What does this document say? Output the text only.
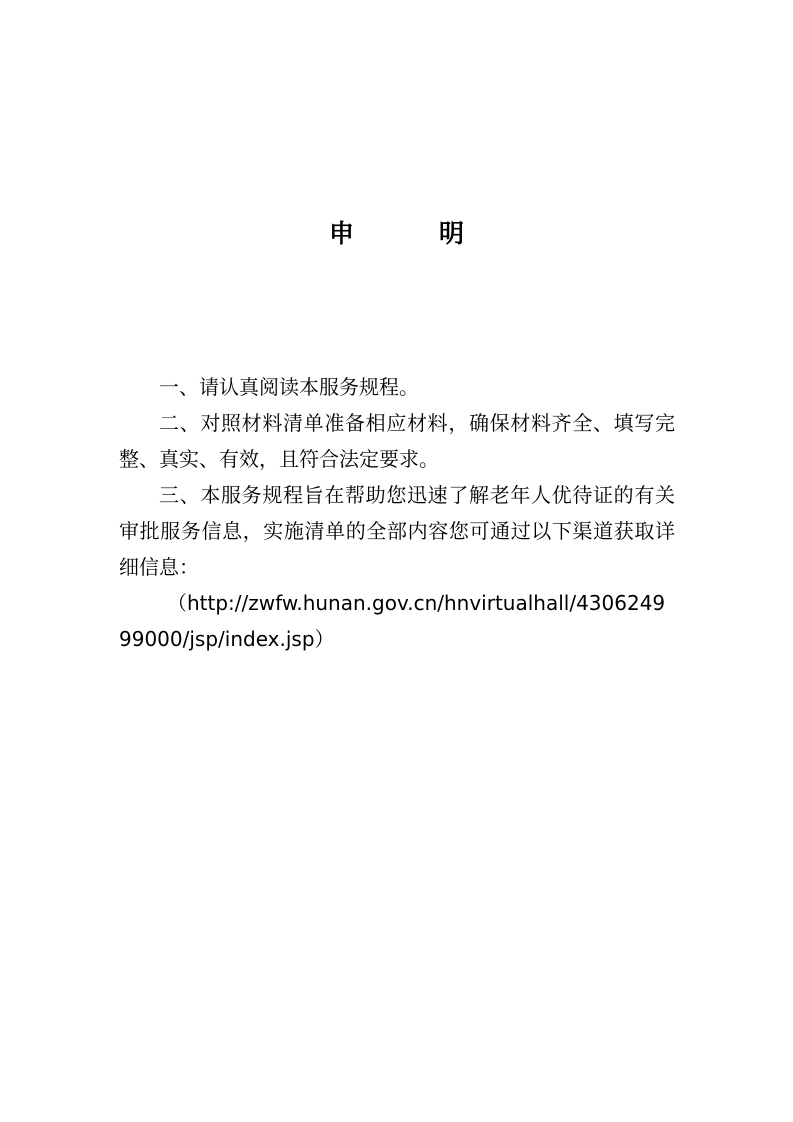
申　明

一、请认真阅读本服务规程。

二、对照材料清单准备相应材料，确保材料齐全、填写完整、真实、有效，且符合法定要求。

三、本服务规程旨在帮助您迅速了解老年人优待证的有关审批服务信息，实施清单的全部内容您可通过以下渠道获取详细信息：

（http://zwfw.hunan.gov.cn/hnvirtualhall/430624999000/jsp/index.jsp）
